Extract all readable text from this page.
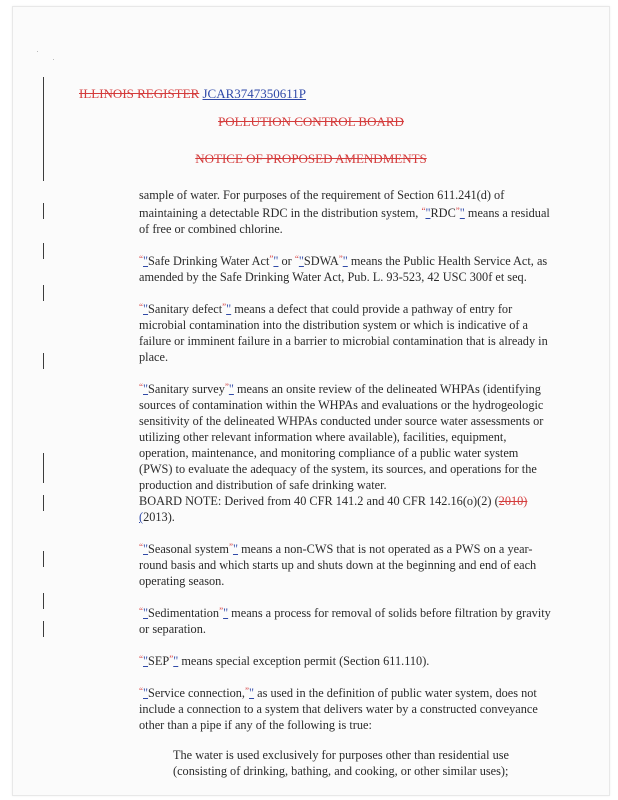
ILLINOIS REGISTER JCAR3747350611P
POLLUTION CONTROL BOARD
NOTICE OF PROPOSED AMENDMENTS

sample of water. For purposes of the requirement of Section 611.241(d) of maintaining a detectable RDC in the distribution system, “"RDC”" means a residual of free or combined chlorine.

“"Safe Drinking Water Act”" or “"SDWA”" means the Public Health Service Act, as amended by the Safe Drinking Water Act, Pub. L. 93-523, 42 USC 300f et seq.

“"Sanitary defect”" means a defect that could provide a pathway of entry for microbial contamination into the distribution system or which is indicative of a failure or imminent failure in a barrier to microbial contamination that is already in place.

“"Sanitary survey”" means an onsite review of the delineated WHPAs (identifying sources of contamination within the WHPAs and evaluations or the hydrogeologic sensitivity of the delineated WHPAs conducted under source water assessments or utilizing other relevant information where available), facilities, equipment, operation, maintenance, and monitoring compliance of a public water system (PWS) to evaluate the adequacy of the system, its sources, and operations for the production and distribution of safe drinking water.

BOARD NOTE: Derived from 40 CFR 141.2 and 40 CFR 142.16(o)(2) (2010) (2013).

“"Seasonal system”" means a non-CWS that is not operated as a PWS on a year-round basis and which starts up and shuts down at the beginning and end of each operating season.

“"Sedimentation”" means a process for removal of solids before filtration by gravity or separation.

“"SEP”" means special exception permit (Section 611.110).

“"Service connection,”" as used in the definition of public water system, does not include a connection to a system that delivers water by a constructed conveyance other than a pipe if any of the following is true:

The water is used exclusively for purposes other than residential use (consisting of drinking, bathing, and cooking, or other similar uses);
